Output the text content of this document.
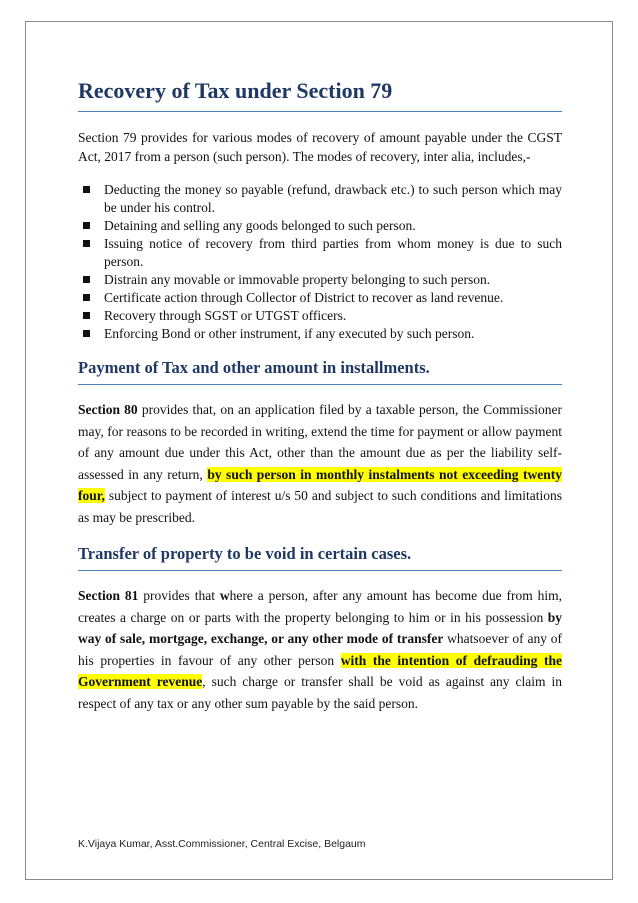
Recovery of Tax under Section 79

Section 79 provides for various modes of recovery of amount payable under the CGST Act, 2017 from a person (such person). The modes of recovery, inter alia, includes,-

Deducting the money so payable (refund, drawback etc.) to such person which may be under his control.
Detaining and selling any goods belonged to such person.
Issuing notice of recovery from third parties from whom money is due to such person.
Distrain any movable or immovable property belonging to such person.
Certificate action through Collector of District to recover as land revenue.
Recovery through SGST or UTGST officers.
Enforcing Bond or other instrument, if any executed by such person.
Payment of Tax and other amount in installments.

Section 80 provides that, on an application filed by a taxable person, the Commissioner may, for reasons to be recorded in writing, extend the time for payment or allow payment of any amount due under this Act, other than the amount due as per the liability self-assessed in any return, by such person in monthly instalments not exceeding twenty four, subject to payment of interest u/s 50 and subject to such conditions and limitations as may be prescribed.

Transfer of property to be void in certain cases.

Section 81 provides that where a person, after any amount has become due from him, creates a charge on or parts with the property belonging to him or in his possession by way of sale, mortgage, exchange, or any other mode of transfer whatsoever of any of his properties in favour of any other person with the intention of defrauding the Government revenue, such charge or transfer shall be void as against any claim in respect of any tax or any other sum payable by the said person.

K.Vijaya Kumar, Asst.Commissioner, Central Excise, Belgaum
